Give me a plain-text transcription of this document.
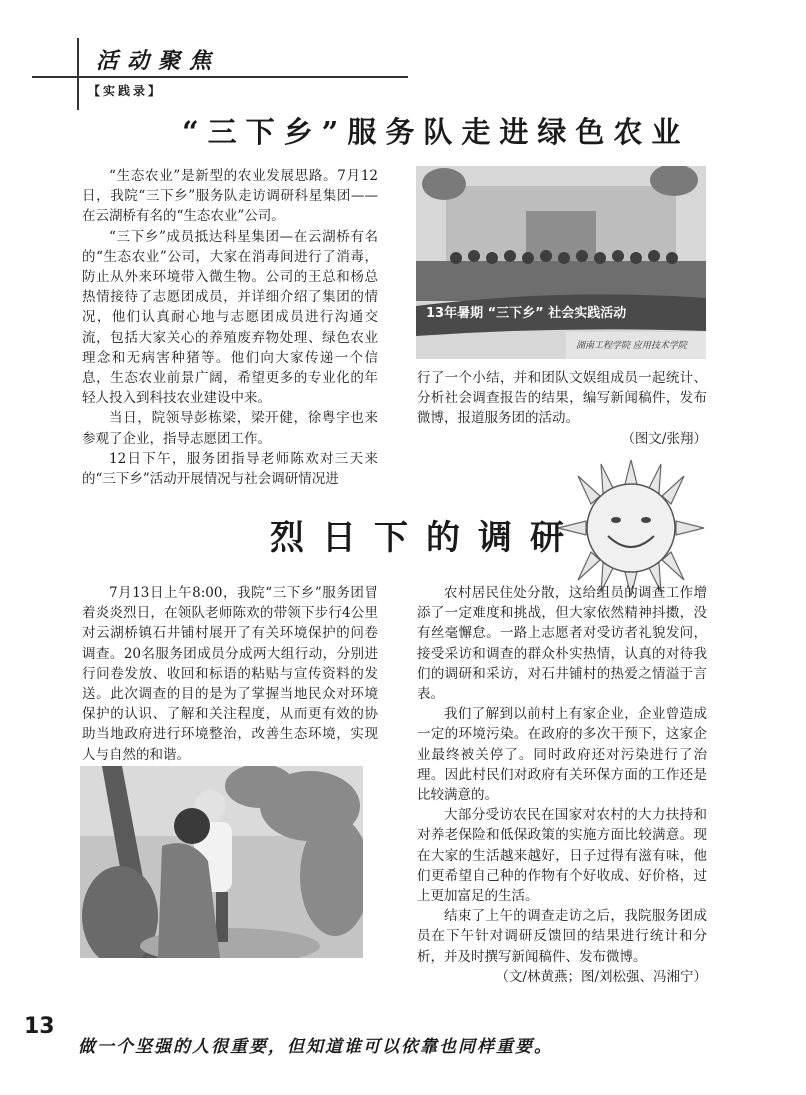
活动聚焦
【实践录】
“三下乡”服务队走进绿色农业

“生态农业”是新型的农业发展思路。7月12日，我院“三下乡”服务队走访调研科星集团——在云湖桥有名的“生态农业”公司。

“三下乡”成员抵达科星集团—在云湖桥有名的“生态农业”公司，大家在消毒间进行了消毒，防止从外来环境带入微生物。公司的王总和杨总热情接待了志愿团成员，并详细介绍了集团的情况，他们认真耐心地与志愿团成员进行沟通交流，包括大家关心的养殖废弃物处理、绿色农业理念和无病害种猪等。他们向大家传递一个信息，生态农业前景广阔，希望更多的专业化的年轻人投入到科技农业建设中来。

当日，院领导彭栋梁，梁开健，徐粤宇也来参观了企业，指导志愿团工作。

12日下午，服务团指导老师陈欢对三天来的“三下乡”活动开展情况与社会调研情况进

13年暑期 “三下乡” 社会实践活动
湖南工程学院 应用技术学院

行了一个小结，并和团队文娱组成员一起统计、分析社会调查报告的结果，编写新闻稿件，发布微博，报道服务团的活动。

（图文/张翔）

烈日下的调研

7月13日上午8:00，我院“三下乡”服务团冒着炎炎烈日，在领队老师陈欢的带领下步行4公里对云湖桥镇石井铺村展开了有关环境保护的问卷调查。20名服务团成员分成两大组行动，分别进行问卷发放、收回和标语的粘贴与宣传资料的发送。此次调查的目的是为了掌握当地民众对环境保护的认识、了解和关注程度，从而更有效的协助当地政府进行环境整治，改善生态环境，实现人与自然的和谐。

农村居民住处分散，这给组员的调查工作增添了一定难度和挑战，但大家依然精神抖擞，没有丝毫懈怠。一路上志愿者对受访者礼貌发问，接受采访和调查的群众朴实热情，认真的对待我们的调研和采访，对石井铺村的热爱之情溢于言表。

我们了解到以前村上有家企业，企业曾造成一定的环境污染。在政府的多次干预下，这家企业最终被关停了。同时政府还对污染进行了治理。因此村民们对政府有关环保方面的工作还是比较满意的。

大部分受访农民在国家对农村的大力扶持和对养老保险和低保政策的实施方面比较满意。现在大家的生活越来越好，日子过得有滋有味，他们更希望自己种的作物有个好收成、好价格，过上更加富足的生活。

结束了上午的调查走访之后，我院服务团成员在下午针对调研反馈回的结果进行统计和分析，并及时撰写新闻稿件、发布微博。

（文/林黄燕；图/刘松强、冯湘宁）

13
做一个坚强的人很重要，但知道谁可以依靠也同样重要。
